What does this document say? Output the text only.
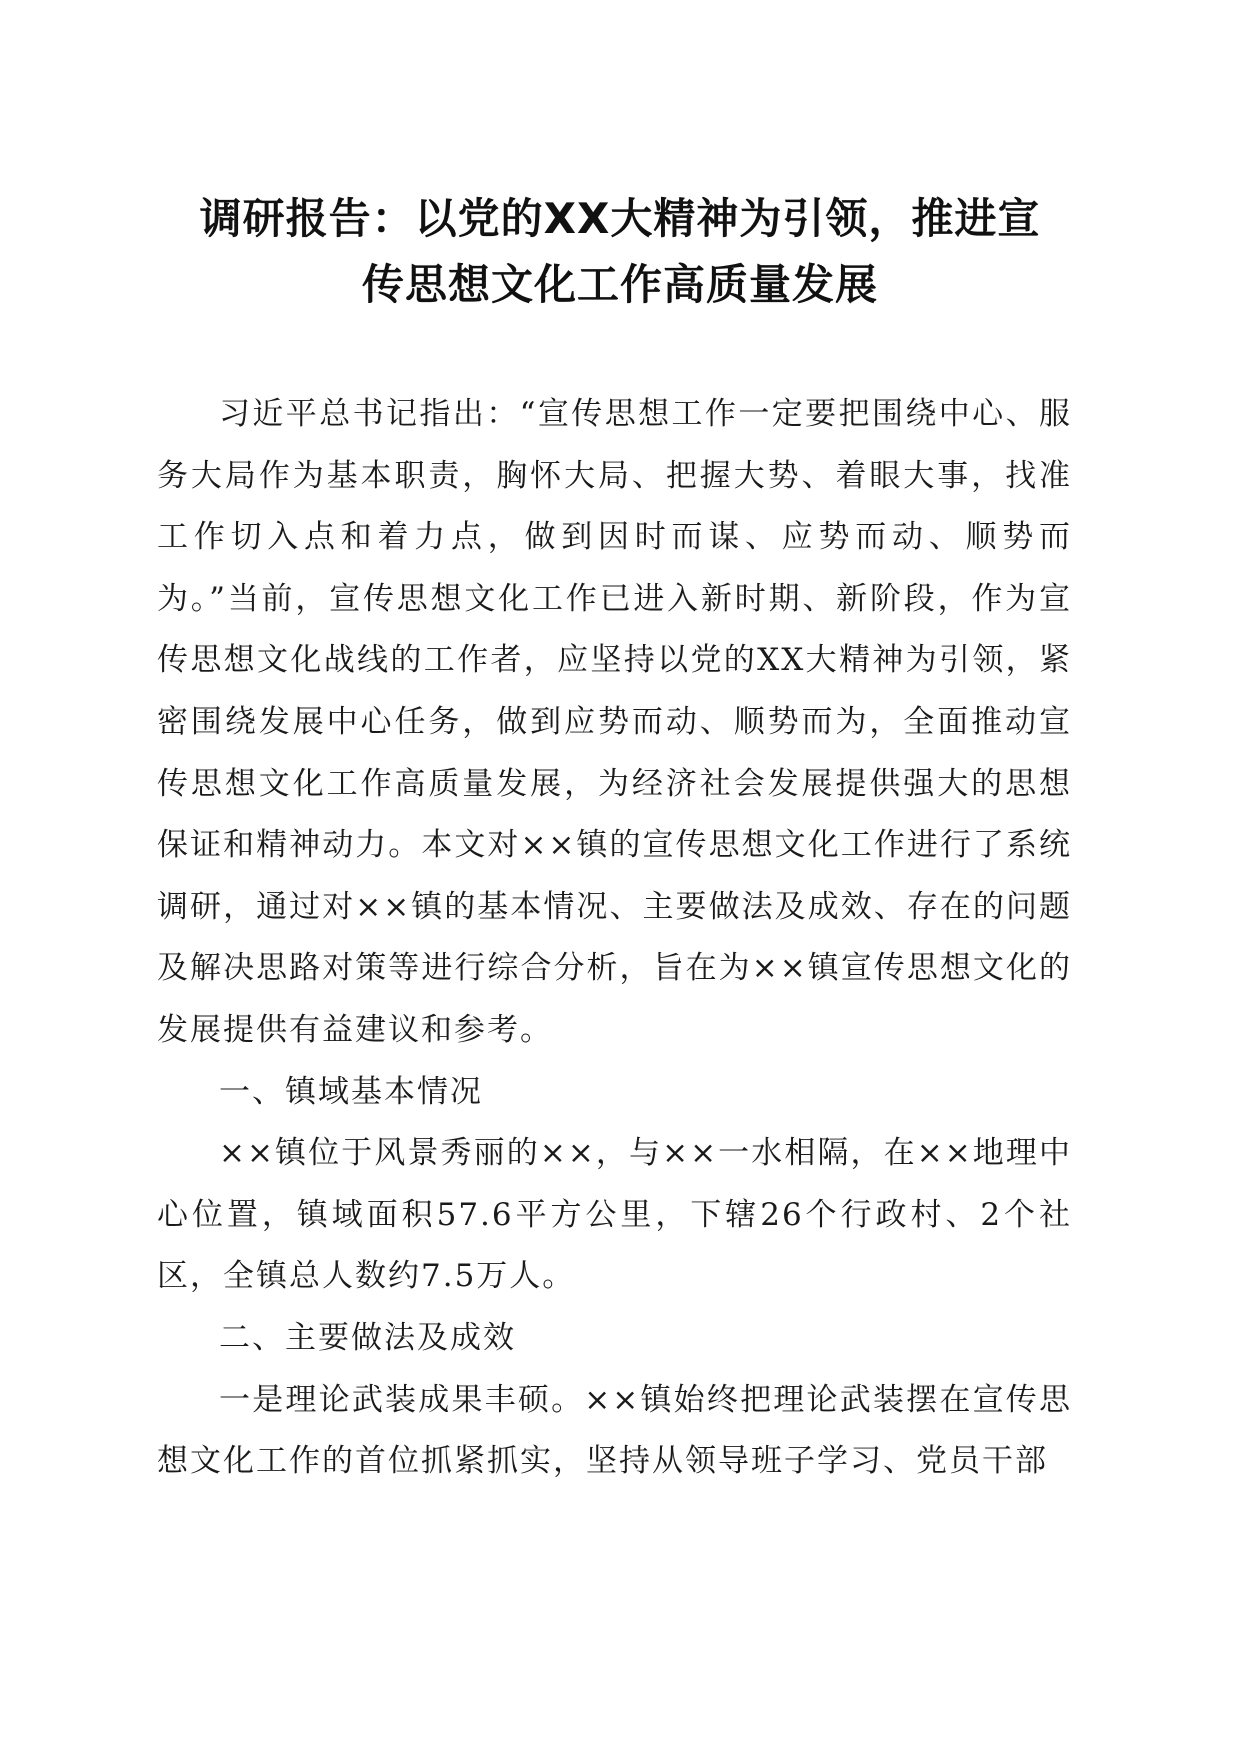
调研报告：以党的XX大精神为引领，推进宣
传思想文化工作高质量发展

习近平总书记指出：“宣传思想工作一定要把围绕中心、服务大局作为基本职责，胸怀大局、把握大势、着眼大事，找准工作切入点和着力点，做到因时而谋、应势而动、顺势而为。”当前，宣传思想文化工作已进入新时期、新阶段，作为宣传思想文化战线的工作者，应坚持以党的XX大精神为引领，紧密围绕发展中心任务，做到应势而动、顺势而为，全面推动宣传思想文化工作高质量发展，为经济社会发展提供强大的思想保证和精神动力。本文对××镇的宣传思想文化工作进行了系统调研，通过对××镇的基本情况、主要做法及成效、存在的问题及解决思路对策等进行综合分析，旨在为××镇宣传思想文化的发展提供有益建议和参考。

一、镇域基本情况

××镇位于风景秀丽的××，与××一水相隔，在××地理中心位置，镇域面积57.6平方公里，下辖26个行政村、2个社区，全镇总人数约7.5万人。

二、主要做法及成效

一是理论武装成果丰硕。××镇始终把理论武装摆在宣传思想文化工作的首位抓紧抓实，坚持从领导班子学习、党员干部
